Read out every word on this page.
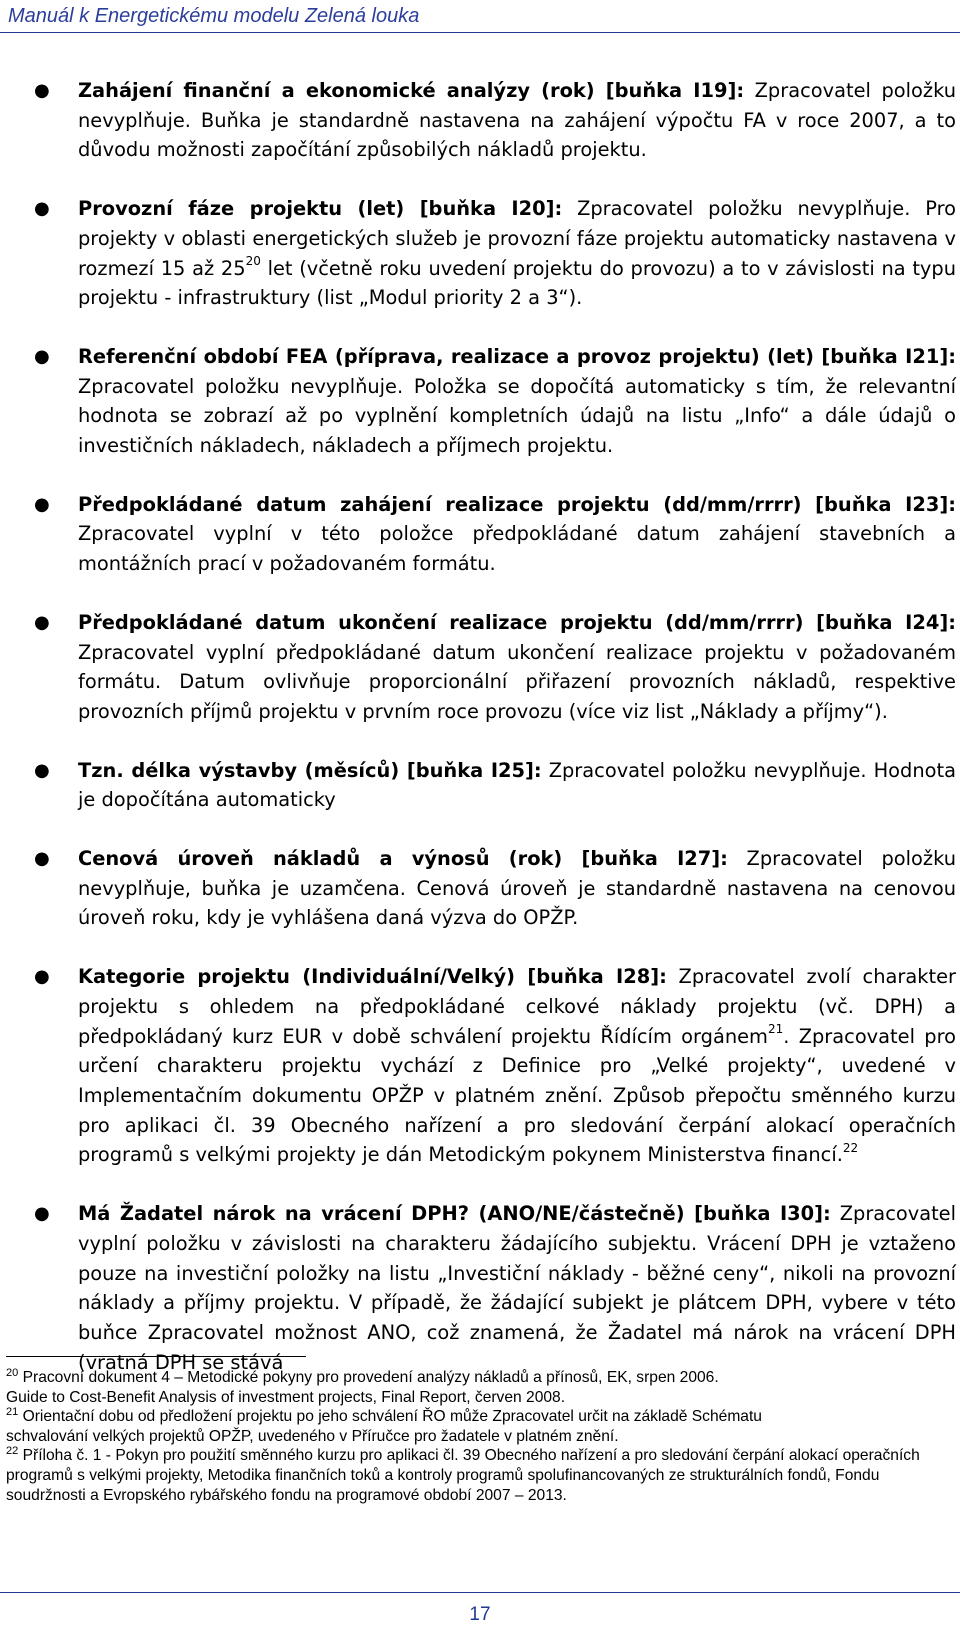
Manuál k Energetickému modelu Zelená louka
● Zahájení finanční a ekonomické analýzy (rok) [buňka I19]: Zpracovatel položku nevyplňuje. Buňka je standardně nastavena na zahájení výpočtu FA v roce 2007, a to důvodu možnosti započítání způsobilých nákladů projektu.
● Provozní fáze projektu (let) [buňka I20]: Zpracovatel položku nevyplňuje. Pro projekty v oblasti energetických služeb je provozní fáze projektu automaticky nastavena v rozmezí 15 až $25^{20}$ let (včetně roku uvedení projektu do provozu) a to v závislosti na typu projektu - infrastruktury (list „Modul priority 2 a 3“).
● Referenční období FEA (příprava, realizace a provoz projektu) (let) [buňka I21]: Zpracovatel položku nevyplňuje. Položka se dopočítá automaticky s tím, že relevantní hodnota se zobrazí až po vyplnění kompletních údajů na listu „Info“ a dále údajů o investičních nákladech, nákladech a příjmech projektu.
● Předpokládané datum zahájení realizace projektu (dd/mm/rrrr) [buňka I23]: Zpracovatel vyplní v této položce předpokládané datum zahájení stavebních a montážních prací v požadovaném formátu.
● Předpokládané datum ukončení realizace projektu (dd/mm/rrrr) [buňka I24]: Zpracovatel vyplní předpokládané datum ukončení realizace projektu v požadovaném formátu. Datum ovlivňuje proporcionální přiřazení provozních nákladů, respektive provozních příjmů projektu v prvním roce provozu (více viz list „Náklady a příjmy“).
● Tzn. délka výstavby (měsíců) [buňka I25]: Zpracovatel položku nevyplňuje. Hodnota je dopočítána automaticky
● Cenová úroveň nákladů a výnosů (rok) [buňka I27]: Zpracovatel položku nevyplňuje, buňka je uzamčena. Cenová úroveň je standardně nastavena na cenovou úroveň roku, kdy je vyhlášena daná výzva do OPŽP.
● Kategorie projektu (Individuální/Velký) [buňka I28]: Zpracovatel zvolí charakter projektu s ohledem na předpokládané celkové náklady projektu (vč. DPH) a předpokládaný kurz EUR v době schválení projektu Řídícím orgánem$^{21}$. Zpracovatel pro určení charakteru projektu vychází z Definice pro „Velké projekty“, uvedené v Implementačním dokumentu OPŽP v platném znění. Způsob přepočtu směnného kurzu pro aplikaci čl. 39 Obecného nařízení a pro sledování čerpání alokací operačních programů s velkými projekty je dán Metodickým pokynem Ministerstva financí.$^{22}$
● Má Žadatel nárok na vrácení DPH? (ANO/NE/částečně) [buňka I30]: Zpracovatel vyplní položku v závislosti na charakteru žádajícího subjektu. Vrácení DPH je vztaženo pouze na investiční položky na listu „Investiční náklady - běžné ceny“, nikoli na provozní náklady a příjmy projektu. V případě, že žádající subjekt je plátcem DPH, vybere v této buňce Zpracovatel možnost ANO, což znamená, že Žadatel má nárok na vrácení DPH (vratná DPH se stává
$^{20}$ Pracovní dokument 4 – Metodické pokyny pro provedení analýzy nákladů a přínosů, EK, srpen 2006.
Guide to Cost-Benefit Analysis of investment projects, Final Report, červen 2008.
$^{21}$ Orientační dobu od předložení projektu po jeho schválení ŘO může Zpracovatel určit na základě Schématu
schvalování velkých projektů OPŽP, uvedeného v Příručce pro žadatele v platném znění.
$^{22}$ Příloha č. 1 - Pokyn pro použití směnného kurzu pro aplikaci čl. 39 Obecného nařízení a pro sledování čerpání alokací operačních programů s velkými projekty, Metodika finančních toků a kontroly programů spolufinancovaných ze strukturálních fondů, Fondu soudržnosti a Evropského rybářského fondu na programové období 2007 – 2013.
17
